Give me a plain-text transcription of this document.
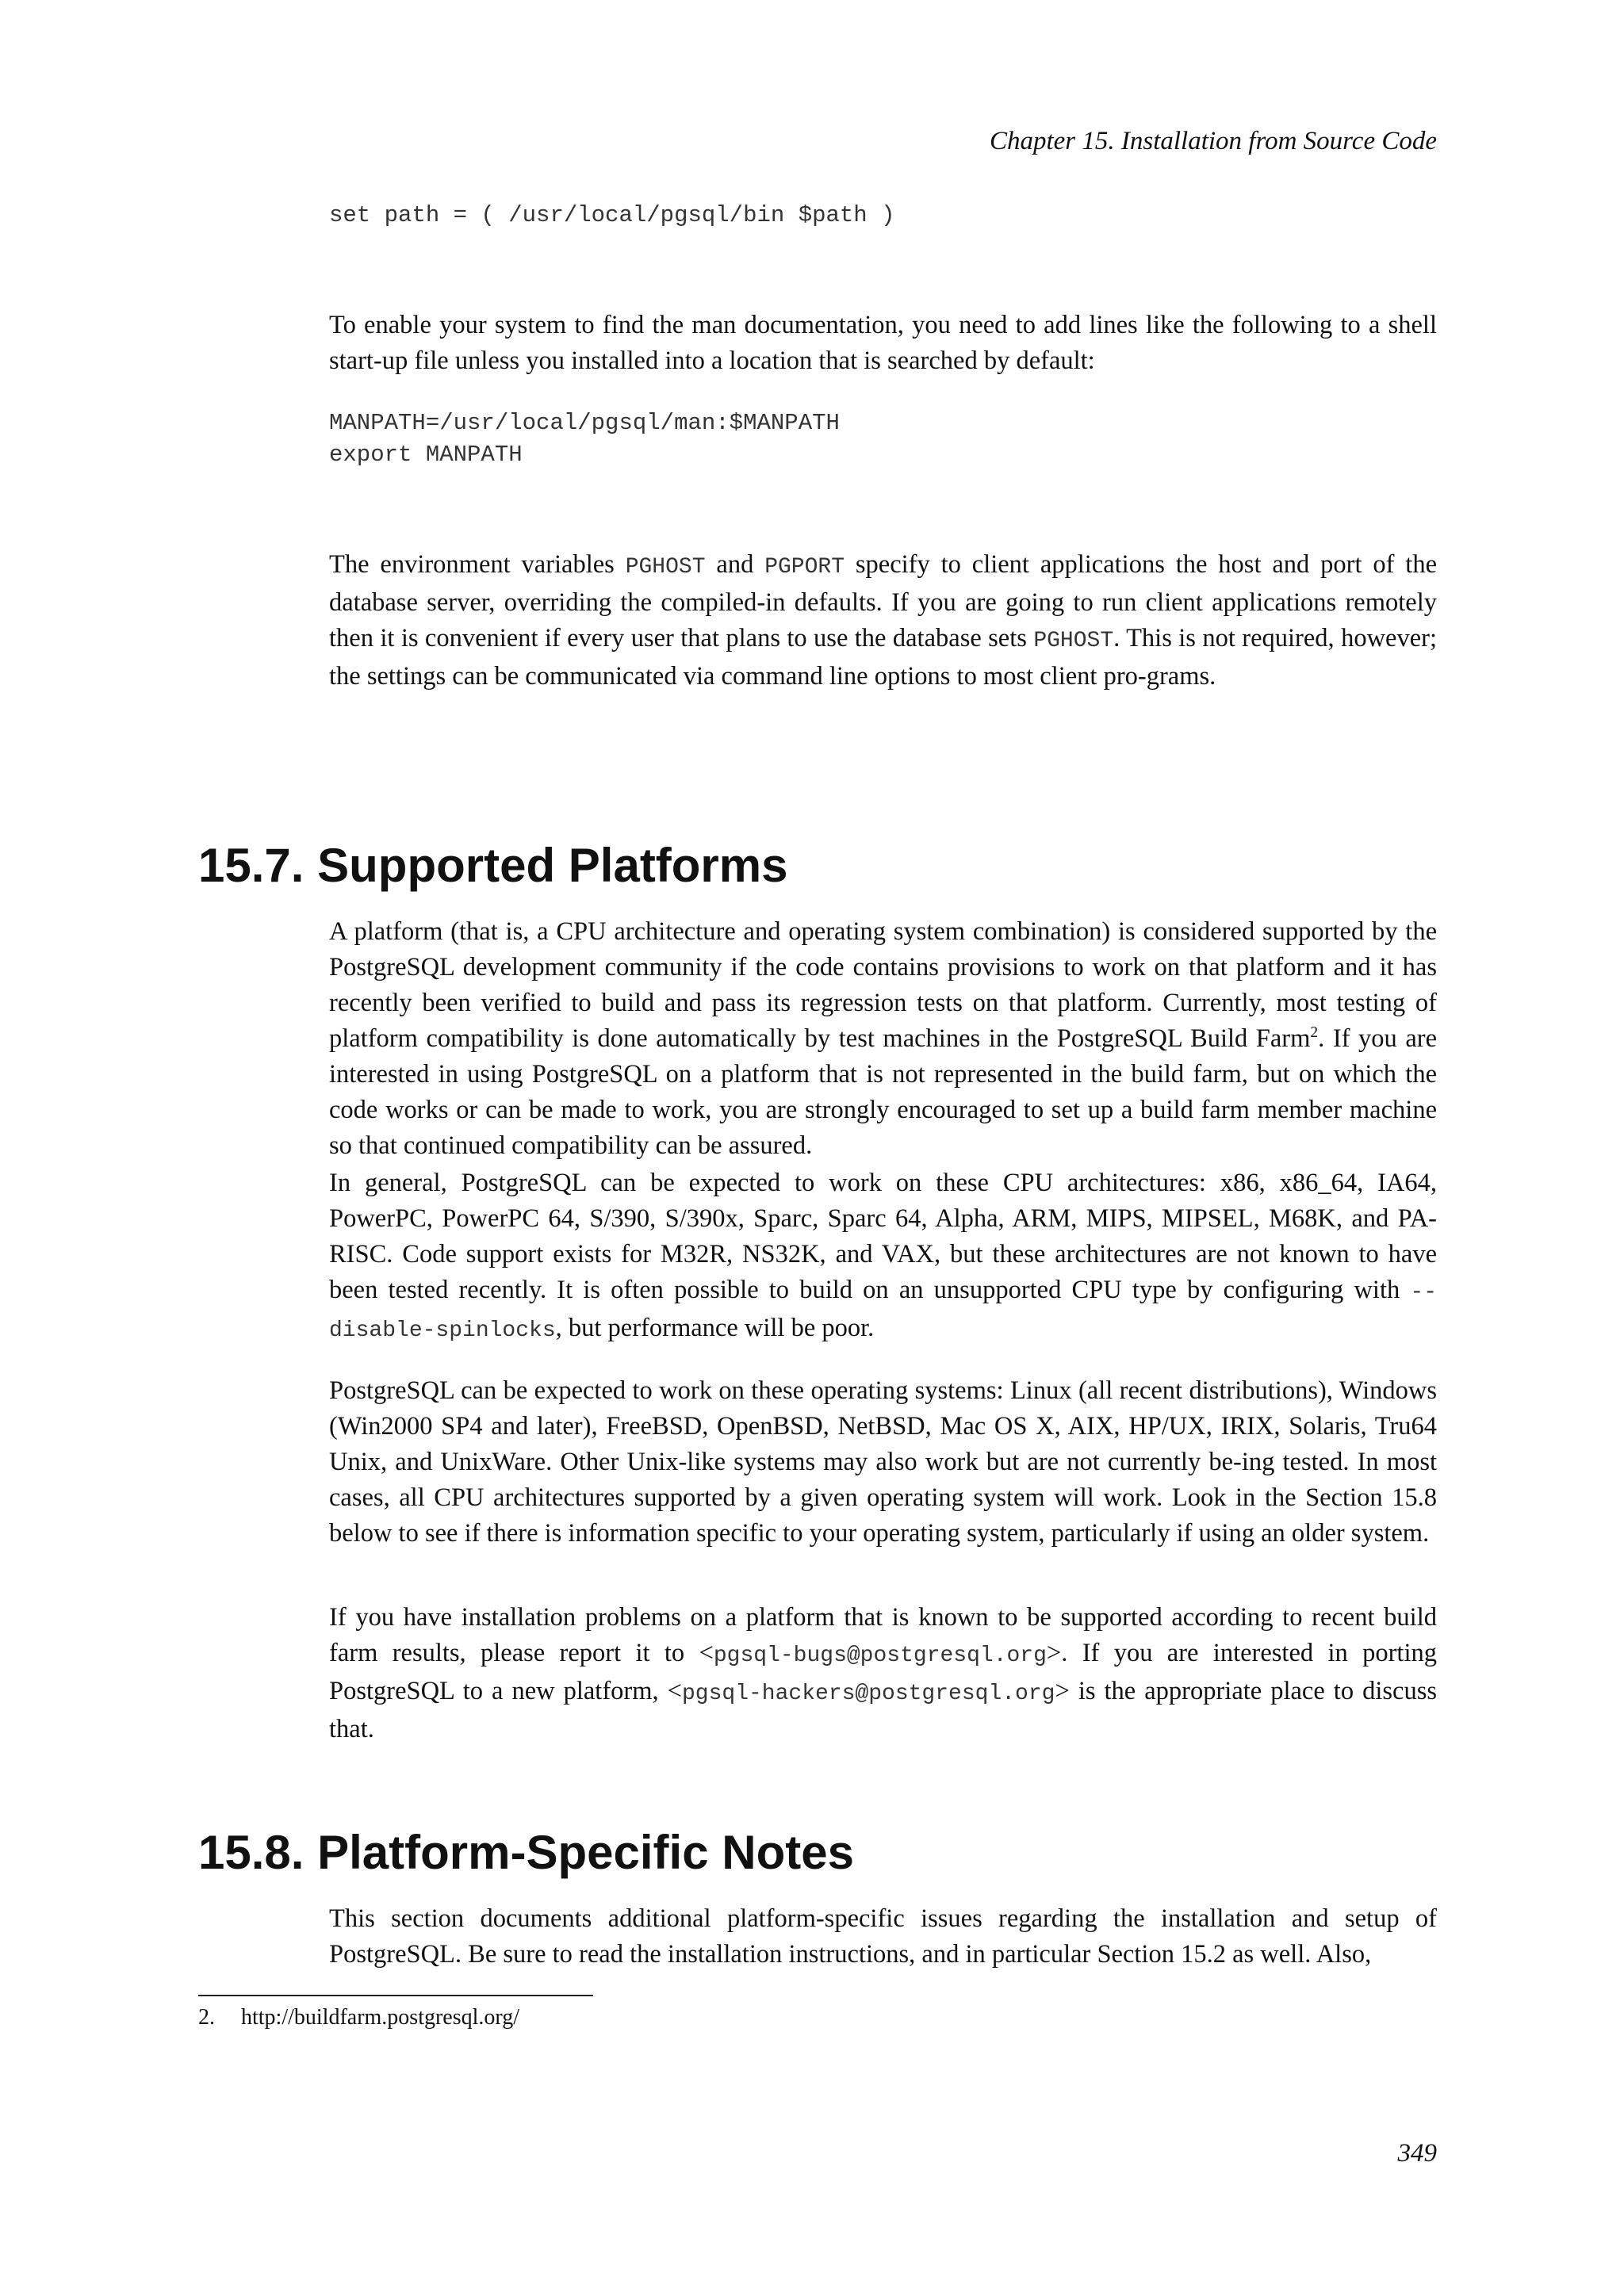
Chapter 15. Installation from Source Code
set path = ( /usr/local/pgsql/bin $path )

To enable your system to find the man documentation, you need to add lines like the following to a shell start-up file unless you installed into a location that is searched by default:

MANPATH=/usr/local/pgsql/man:$MANPATH
export MANPATH

The environment variables PGHOST and PGPORT specify to client applications the host and port of the database server, overriding the compiled-in defaults. If you are going to run client applications remotely then it is convenient if every user that plans to use the database sets PGHOST. This is not required, however; the settings can be communicated via command line options to most client pro-grams.

15.7. Supported Platforms

A platform (that is, a CPU architecture and operating system combination) is considered supported by the PostgreSQL development community if the code contains provisions to work on that platform and it has recently been verified to build and pass its regression tests on that platform. Currently, most testing of platform compatibility is done automatically by test machines in the PostgreSQL Build Farm$^2$. If you are interested in using PostgreSQL on a platform that is not represented in the build farm, but on which the code works or can be made to work, you are strongly encouraged to set up a build farm member machine so that continued compatibility can be assured.

In general, PostgreSQL can be expected to work on these CPU architectures: x86, x86_64, IA64, PowerPC, PowerPC 64, S/390, S/390x, Sparc, Sparc 64, Alpha, ARM, MIPS, MIPSEL, M68K, and PA-RISC. Code support exists for M32R, NS32K, and VAX, but these architectures are not known to have been tested recently. It is often possible to build on an unsupported CPU type by configuring with --disable-spinlocks, but performance will be poor.

PostgreSQL can be expected to work on these operating systems: Linux (all recent distributions), Windows (Win2000 SP4 and later), FreeBSD, OpenBSD, NetBSD, Mac OS X, AIX, HP/UX, IRIX, Solaris, Tru64 Unix, and UnixWare. Other Unix-like systems may also work but are not currently be-ing tested. In most cases, all CPU architectures supported by a given operating system will work. Look in the Section 15.8 below to see if there is information specific to your operating system, particularly if using an older system.

If you have installation problems on a platform that is known to be supported according to recent build farm results, please report it to <pgsql-bugs@postgresql.org>. If you are interested in porting PostgreSQL to a new platform, <pgsql-hackers@postgresql.org> is the appropriate place to discuss that.

15.8. Platform-Specific Notes

This section documents additional platform-specific issues regarding the installation and setup of PostgreSQL. Be sure to read the installation instructions, and in particular Section 15.2 as well. Also,

2. http://buildfarm.postgresql.org/
349
